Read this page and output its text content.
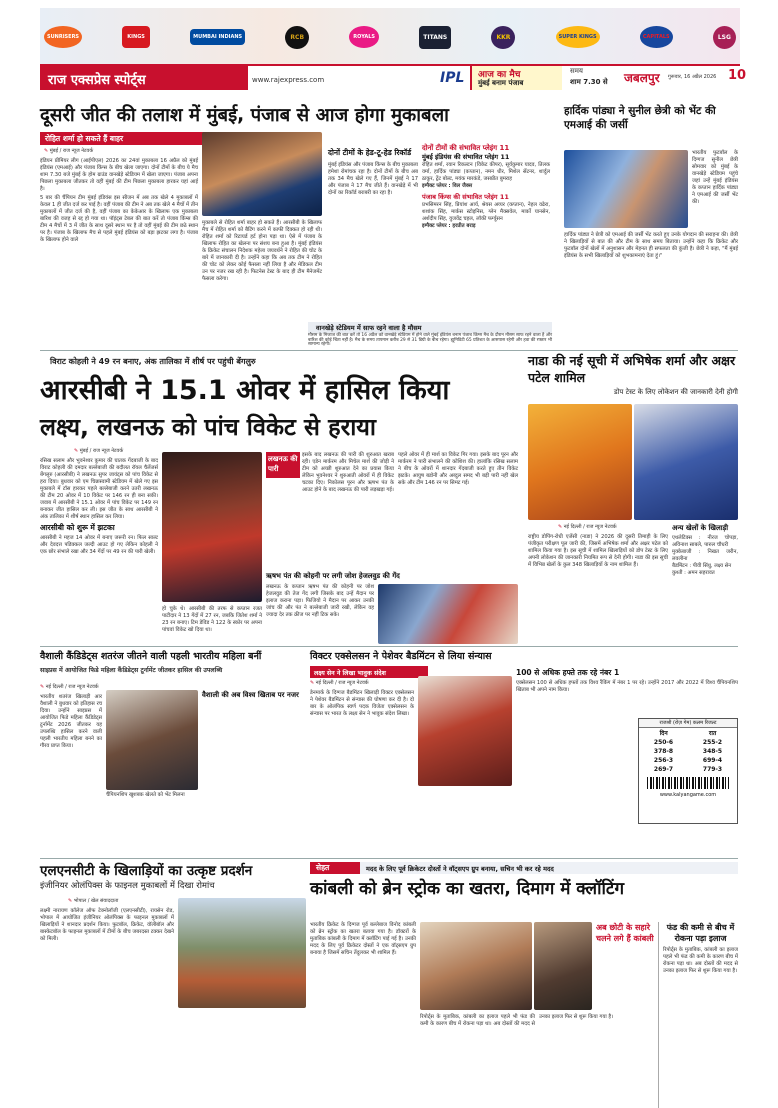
SUNRISERS	KINGS	MUMBAI INDIANS	RCB	ROYALS	TITANS	KKR	SUPER KINGS	CAPITALS	LSG
राज एक्सप्रेस स्पोर्ट्स	www.rajexpress.com	IPL आज का मैच
मुंबई बनाम पंजाब
समय
शाम 7.30 से जबलपुर गुरूवार, 16 अप्रैल 2026 10
दूसरी जीत की तलाश में मुंबई, पंजाब से आज होगा मुकाबला
रोहित शर्मा हो सकते हैं बाहर
✎ मुंबई / राज न्यूज नेटवर्क

इंडियन प्रीमियर लीग (आईपीएल) 2026 का 24वां मुकाबला 16 अप्रैल को मुंबई इंडियंस (एमआई) और पंजाब किंग्स के बीच खेला जाएगा। दोनों टीमों के बीच ये मैच शाम 7.30 बजे मुंबई के होम ग्राउंड वानखेड़े स्टेडियम में खेला जाएगा। पंजाब अपना पिछला मुकाबला जीतकर तो वहीं मुंबई की टीम पिछला मुकाबला हारकर यहां आई है।

5 बार की चैंपियन टीम मुंबई इंडियंस इस सीजन में अब तक खेले 4 मुकाबलों में केवल 1 ही जीत दर्ज कर पाई है। वहीं पंजाब की टीम ने अब तक खेले 4 मैचों में तीन मुकाबलों में जीत दर्ज की है, वहीं पंजाब का केकेआर के खिलाफ एक मुकाबला बारिश की वजह से रद्द हो गया था। पॉइंट्स टेबल की बात करें तो पंजाब किंग्स की टीम 4 मैचों में 3 में जीत के साथ दूसरे स्थान पर है तो वहीं मुंबई की टीम छठे स्थान पर है। पंजाब के खिलाफ मैच से पहले मुंबई इंडियंस को बड़ा झटका लगा है। पंजाब के खिलाफ होने वाले

मुकाबले से रोहित शर्मा बाहर हो सकते हैं। आरसीबी के खिलाफ मैच में रोहित शर्मा को बैटिंग करने में काफी दिक्कत हो रही थी। रोहित शर्मा को रिटायर्ड हर्ट होना पड़ा था। ऐसे में पंजाब के खिलाफ रोहित का खेलना पर संशय बना हुआ है। मुंबई इंडियंस के क्रिकेट संचालन निदेशक महेला जयवर्धने ने रोहित की चोट के बारे में जानकारी दी है। उन्होंने कहा कि अब तक टीम ने रोहित की चोट को लेकर कोई फैसला नहीं लिया है और मेडिकल टीम उन पर नजर रख रही है। फिटनेस टेस्ट के बाद ही टीम मैनेजमेंट फैसला करेगा।
दोनों टीमों के हेड-टू-हेड रिकॉर्ड
मुंबई इंडियंस और पंजाब किंग्स के बीच मुकाबला हमेशा रोमांचक रहा है। दोनों टीमों के बीच अब तक 34 मैच खेले गए हैं, जिनमें मुंबई ने 17 और पंजाब ने 17 मैच जीते हैं। वानखेड़े में भी दोनों का रिकॉर्ड बराबरी का रहा है।
दोनों टीमों की संभावित प्लेइंग 11
मुंबई इंडियंस की संभावित प्लेइंग 11
रोहित शर्मा, रयान रिकल्टन (विकेट कीपर), सूर्यकुमार यादव, तिलक वर्मा, हार्दिक पांड्या (कप्तान), नमन धीर, मिशेल सेंटनर, शार्दुल ठाकुर, ट्रेंट बोल्ट, मयंक मारकंडे, जसप्रीत बुमराह
इम्पैक्ट प्लेयर : विल जैक्स
पंजाब किंग्स की संभावित प्लेइंग 11
प्रभसिमरन सिंह, प्रियांश आर्य, श्रेयस अय्यर (कप्तान), नेहल वढेरा, शशांक सिंह, मार्कस स्टोइनिस, ग्लेन मैक्सवेल, मार्को यानसेन, अर्शदीप सिंह, युजवेंद्र चहल, लॉकी फर्ग्यूसन
इम्पैक्ट प्लेयर : हरप्रीत बराड़
वानखेड़े स्टेडियम में साफ रहने वाला है मौसम
मौसम के मिजाज की बात करें तो 16 अप्रैल को वानखेड़े स्टेडियम में होने वाले मुंबई इंडियंस बनाम पंजाब किंग्स मैच के दौरान मौसम साफ रहने वाला है और बारिश की कोई चिंता नहीं है। मैच के समय तापमान करीब 29 से 31 डिग्री के बीच रहेगा। ह्यूमिडिटी 65 प्रतिशत के आसपास रहेगी और हवा की रफ्तार भी सामान्य रहेगी।
हार्दिक पांड्या ने सुनील छेत्री को भेंट की एमआई की जर्सी
भारतीय फुटबॉल के दिग्गज सुनील छेत्री सोमवार को मुंबई के वानखेड़े स्टेडियम पहुंचे जहां उन्हें मुंबई इंडियंस के कप्तान हार्दिक पांड्या ने एमआई की जर्सी भेंट की।
हार्दिक पांड्या ने छेत्री को एमआई की जर्सी भेंट करते हुए उनके योगदान की सराहना की। छेत्री ने खिलाड़ियों से बात की और टीम के साथ समय बिताया। उन्होंने कहा कि क्रिकेट और फुटबॉल दोनों खेलों में अनुशासन और मेहनत ही सफलता की कुंजी है। छेत्री ने कहा, "मैं मुंबई इंडियंस के सभी खिलाड़ियों को शुभकामनाएं देता हूं।"
विराट कोहली ने 49 रन बनाए, अंक तालिका में शीर्ष पर पहुंची बेंगलुरु
आरसीबी ने 15.1 ओवर में हासिल किया
लक्ष्य, लखनऊ को पांच विकेट से हराया
✎ मुंबई / राज न्यूज नेटवर्क

रसिख सलाम और भुवनेश्वर कुमार की घातक गेंदबाजी के बाद विराट कोहली की दमदार बल्लेबाजी की बदौलत रॉयल चैलेंजर्स बेंगलुरु (आरसीबी) ने लखनऊ सुपर जायंट्स को पांच विकेट से हरा दिया। बुधवार को एम चिन्नास्वामी स्टेडियम में खेले गए इस मुकाबले में टॉस हारकर पहले बल्लेबाजी करने उतरी लखनऊ की टीम 20 ओवर में 10 विकेट पर 146 रन ही बना सकी। जवाब में आरसीबी ने 15.1 ओवर में पांच विकेट पर 149 रन बनाकर जीत हासिल कर ली। इस जीत के साथ आरसीबी ने अंक तालिका में शीर्ष स्थान हासिल कर लिया।

आरसीबी को शुरू में झटका

आरसीबी ने महज 14 ओवर में बनाए जरूरी रन। फिल साल्ट और देवदत्त पडिक्कल जल्दी आउट हो गए लेकिन कोहली ने एक छोर संभाले रखा और 34 गेंदों पर 49 रन की पारी खेली।

हो चुके थे। आरसीबी की तरफ से कप्तान रजत पाटीदार ने 13 गेंदों में 27 रन, जबकि जितेश शर्मा ने 23 रन बनाए। टिम डेविड ने 122 के स्कोर पर अपना पांचवां विकेट खो दिया था।
लखनऊ की पारी
इसके बाद लखनऊ की पारी की शुरुआत खराब रही। एडेन मार्करम और मिचेल मार्श की जोड़ी ने टीम को अच्छी शुरुआत देने का प्रयास किया लेकिन भुवनेश्वर ने शुरुआती ओवरों में ही विकेट चटका दिए। निकोलस पूरन और ऋषभ पंत के आउट होने के बाद लखनऊ की पारी लड़खड़ा गई।
पहले ओवर में ही मार्श का विकेट गिर गया। इसके बाद पूरन और मार्करम ने पारी संभालने की कोशिश की। हालांकि रसिख सलाम ने बीच के ओवरों में शानदार गेंदबाजी करते हुए तीन विकेट झटके। आयुष बडोनी और अब्दुल समद भी बड़ी पारी नहीं खेल सके और टीम 146 रन पर सिमट गई।
ऋषभ पंत की कोहनी पर लगी जोश हेजलवुड की गेंद
लखनऊ के कप्तान ऋषभ पंत की कोहनी पर जोश हेजलवुड की तेज गेंद लगी जिसके बाद उन्हें मैदान पर इलाज कराना पड़ा। फिजियो ने मैदान पर आकर उनकी जांच की और पंत ने बल्लेबाजी जारी रखी, लेकिन वह ज्यादा देर तक क्रीज पर नहीं टिक सके।
नाडा की नई सूची में अभिषेक शर्मा और अक्षर पटेल शामिल
डोप टेस्ट के लिए लोकेशन की जानकारी देनी होगी
✎ नई दिल्ली / राज न्यूज नेटवर्क
राष्ट्रीय डोपिंग-रोधी एजेंसी (नाडा) ने 2026 की दूसरी तिमाही के लिए पंजीकृत परीक्षण पूल जारी की, जिसमें अभिषेक शर्मा और अक्षर पटेल को शामिल किया गया है। इस सूची में शामिल खिलाड़ियों को डोप टेस्ट के लिए अपनी लोकेशन की जानकारी नियमित रूप से देनी होगी। नाडा की इस सूची में विभिन्न खेलों के कुल 348 खिलाड़ियों के नाम शामिल हैं।
अन्य खेलों के खिलाड़ी
एथलेटिक्स : नीरज चोपड़ा, अविनाश साबले, पारुल चौधरी
मुक्केबाजी : निखत जरीन, लवलीना
बैडमिंटन : पीवी सिंधु, लक्ष्य सेन
कुश्ती : अमन सहरावत
वैशाली कैंडिडेट्स शतरंज जीतने वाली पहली भारतीय महिला बनीं
साइप्रस में आयोजित फिडे महिला कैंडिडेट्स टूर्नामेंट जीतकर हासिल की उपलब्धि
✎ नई दिल्ली / राज न्यूज नेटवर्क
भारतीय शतरंज खिलाड़ी आर वैशाली ने बुधवार को इतिहास रच दिया। उन्होंने साइप्रस में आयोजित फिडे महिला कैंडिडेट्स टूर्नामेंट 2026 जीतकर यह उपलब्धि हासिल करने वाली पहली भारतीय महिला बनने का गौरव प्राप्त किया।
चैंपियनशिप खुशबक खेलते को भेंट मिलना
वैशाली की अब विश्व खिताब पर नजर
विक्टर एक्सेलसन ने पेशेवर बैडमिंटन से लिया संन्यास
लक्ष्य सेन ने लिखा भावुक संदेश
✎ नई दिल्ली / राज न्यूज नेटवर्क
डेनमार्क के दिग्गज बैडमिंटन खिलाड़ी विक्टर एक्सेलसन ने पेशेवर बैडमिंटन से संन्यास की घोषणा कर दी है। दो बार के ओलंपिक स्वर्ण पदक विजेता एक्सेलसन के संन्यास पर भारत के लक्ष्य सेन ने भावुक संदेश लिखा।
100 से अधिक हफ्ते तक रहे नंबर 1
एक्सेलसन 100 से अधिक हफ्तों तक विश्व रैंकिंग में नंबर 1 पर रहे। उन्होंने 2017 और 2022 में विश्व चैंपियनशिप खिताब भी अपने नाम किया।
राजश्री (रोज़ गेम) कलम रिजल्ट
दिन	रात
250-6	255-2
378-8	348-5
256-3	699-4
269-7	779-3
www.kalyangame.com
एलएनसीटी के खिलाड़ियों का उत्कृष्ट प्रदर्शन
इंजीनियर ओलंपिक्स के फाइनल मुकाबलों में दिखा रोमांच
✎ भोपाल / खेल संवाददाता
लक्ष्मी नारायण कॉलेज ऑफ टेक्नोलॉजी (एलएनसीटी), रायसेन रोड, भोपाल में आयोजित इंजीनियर ओलंपिक्स के फाइनल मुकाबलों में खिलाड़ियों ने शानदार प्रदर्शन किया। फुटबॉल, क्रिकेट, वॉलीबॉल और बास्केटबॉल के फाइनल मुकाबलों में टीमों के बीच जबरदस्त टक्कर देखने को मिली।
सेहत	मदद के लिए पूर्व क्रिकेटर दोस्तों ने वॉट्सएप ग्रुप बनाया, सचिन भी कर रहे मदद
कांबली को ब्रेन स्ट्रोक का खतरा, दिमाग में क्लॉटिंग
भारतीय क्रिकेट के दिग्गज पूर्व बल्लेबाज विनोद कांबली को ब्रेन स्ट्रोक का खतरा बताया गया है। डॉक्टरों के मुताबिक कांबली के दिमाग में क्लॉटिंग पाई गई है। उनकी मदद के लिए पूर्व क्रिकेटर दोस्तों ने एक वॉट्सएप ग्रुप बनाया है जिसमें सचिन तेंदुलकर भी शामिल हैं।
अब छोटी के सहारे चलने लगे हैं कांबली
रिपोर्ट्स के मुताबिक, कांबली का इलाज पहले भी फंड की कमी के कारण बीच में रोकना पड़ा था। अब दोस्तों की मदद से उनका इलाज फिर से शुरू किया गया है।
फंड की कमी से बीच में रोकना पड़ा इलाज
रिपोर्ट्स के मुताबिक, कांबली का इलाज पहले भी फंड की कमी के कारण बीच में रोकना पड़ा था। अब दोस्तों की मदद से उनका इलाज फिर से शुरू किया गया है।
